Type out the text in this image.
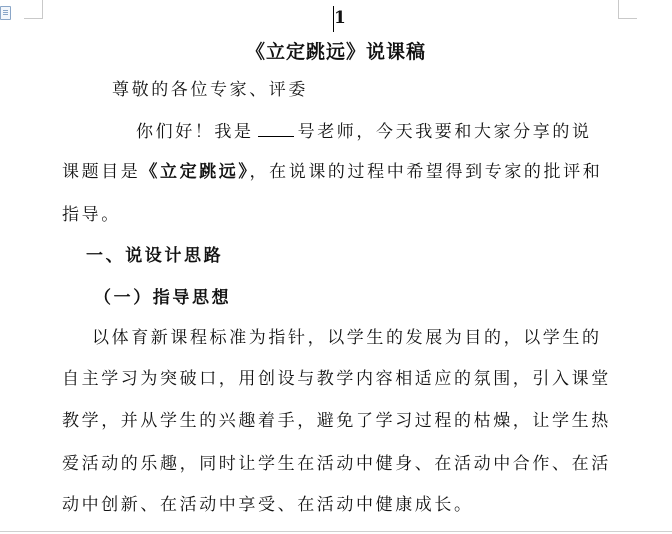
1
《立定跳远》说课稿
尊敬的各位专家、评委
你们好！我是	号老师，今天我要和大家分享的说
课题目是《立定跳远》，在说课的过程中希望得到专家的批评和
指导。
一、说设计思路
（一）指导思想
以体育新课程标准为指针，以学生的发展为目的，以学生的
自主学习为突破口，用创设与教学内容相适应的氛围，引入课堂
教学，并从学生的兴趣着手，避免了学习过程的枯燥，让学生热
爱活动的乐趣，同时让学生在活动中健身、在活动中合作、在活
动中创新、在活动中享受、在活动中健康成长。
